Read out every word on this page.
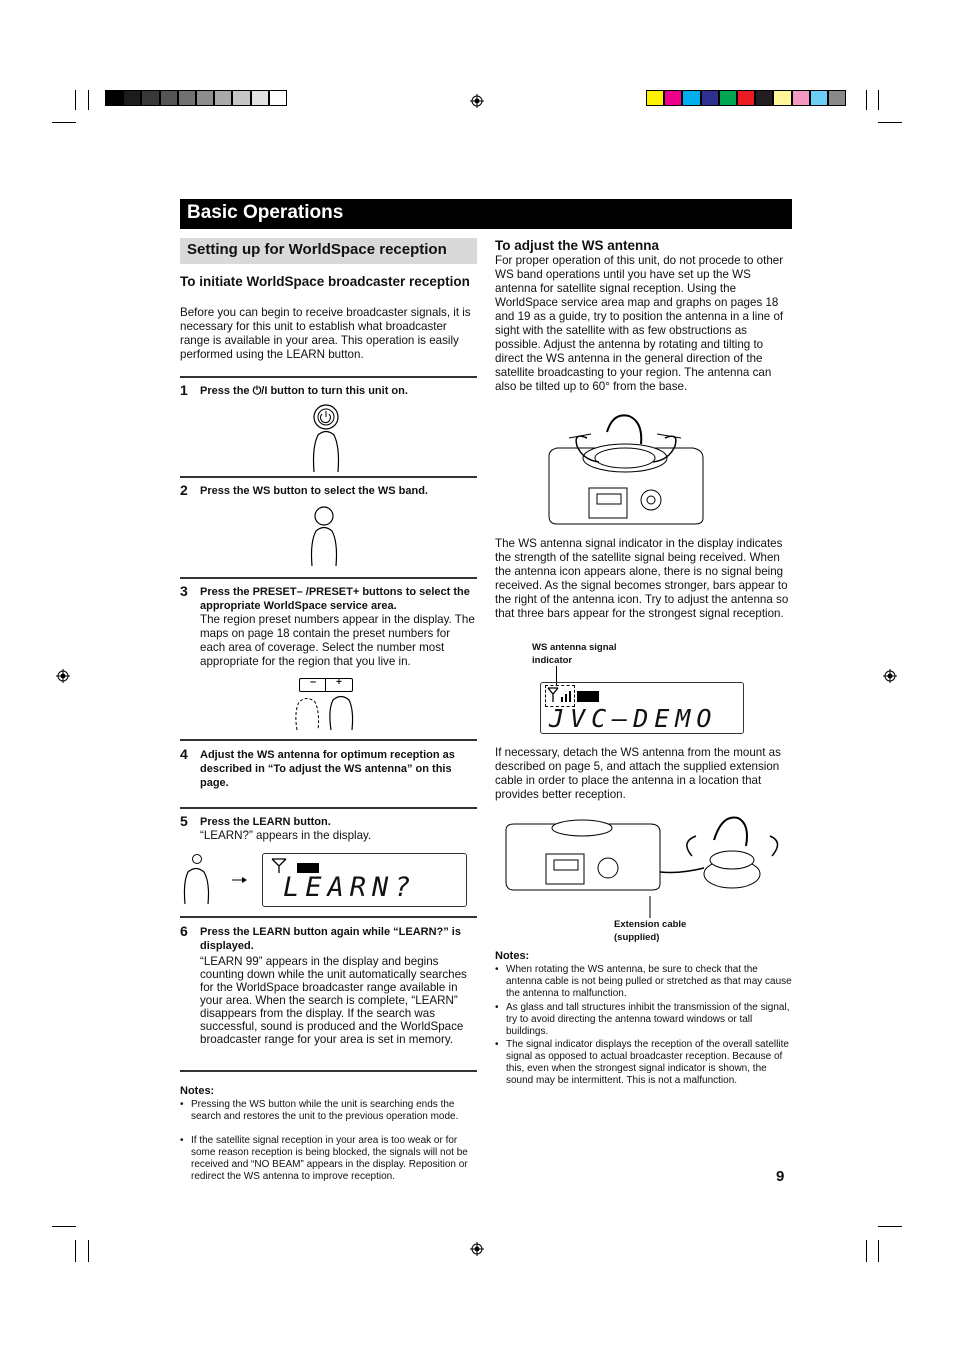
Basic Operations
Setting up for WorldSpace reception
To initiate WorldSpace broadcaster reception
Before you can begin to receive broadcaster signals, it is necessary for this unit to establish what broadcaster range is available in your area. This operation is easily performed using the LEARN button.
1 Press the ⏻/I button to turn this unit on.
2 Press the WS button to select the WS band.
3 Press the PRESET– /PRESET+ buttons to select the appropriate WorldSpace service area.
The region preset numbers appear in the display. The maps on page 18 contain the preset numbers for each area of coverage. Select the number most appropriate for the region that you live in.
– +
4 Adjust the WS antenna for optimum reception as described in “To adjust the WS antenna” on this page.
5 Press the LEARN button.
“LEARN?” appears in the display.
LEARN?
6 Press the LEARN button again while “LEARN?” is displayed.
“LEARN 99” appears in the display and begins counting down while the unit automatically searches for the WorldSpace broadcaster range available in your area. When the search is complete, “LEARN” disappears from the display. If the search was successful, sound is produced and the WorldSpace broadcaster range for your area is set in memory.
Notes:
• Pressing the WS button while the unit is searching ends the search and restores the unit to the previous operation mode.
• If the satellite signal reception in your area is too weak or for some reason reception is being blocked, the signals will not be received and “NO BEAM” appears in the display. Reposition or redirect the WS antenna to improve reception.
To adjust the WS antenna
For proper operation of this unit, do not procede to other WS band operations until you have set up the WS antenna for satellite signal reception. Using the WorldSpace service area map and graphs on pages 18 and 19 as a guide, try to position the antenna in a line of sight with the satellite with as few obstructions as possible. Adjust the antenna by rotating and tilting to direct the WS antenna in the general direction of the satellite broadcasting to your region. The antenna can also be tilted up to 60° from the base.
The WS antenna signal indicator in the display indicates the strength of the satellite signal being received. When the antenna icon appears alone, there is no signal being received. As the signal becomes stronger, bars appear to the right of the antenna icon. Try to adjust the antenna so that three bars appear for the strongest signal reception.
WS antenna signal indicator
JVC–DEMO
If necessary, detach the WS antenna from the mount as described on page 5, and attach the supplied extension cable in order to place the antenna in a location that provides better reception.
Extension cable (supplied)
Notes:
• When rotating the WS antenna, be sure to check that the antenna cable is not being pulled or stretched as that may cause the antenna to malfunction.
• As glass and tall structures inhibit the transmission of the signal, try to avoid directing the antenna toward windows or tall buildings.
• The signal indicator displays the reception of the overall satellite signal as opposed to actual broadcaster reception. Because of this, even when the strongest signal indicator is shown, the sound may be intermittent. This is not a malfunction.
9
